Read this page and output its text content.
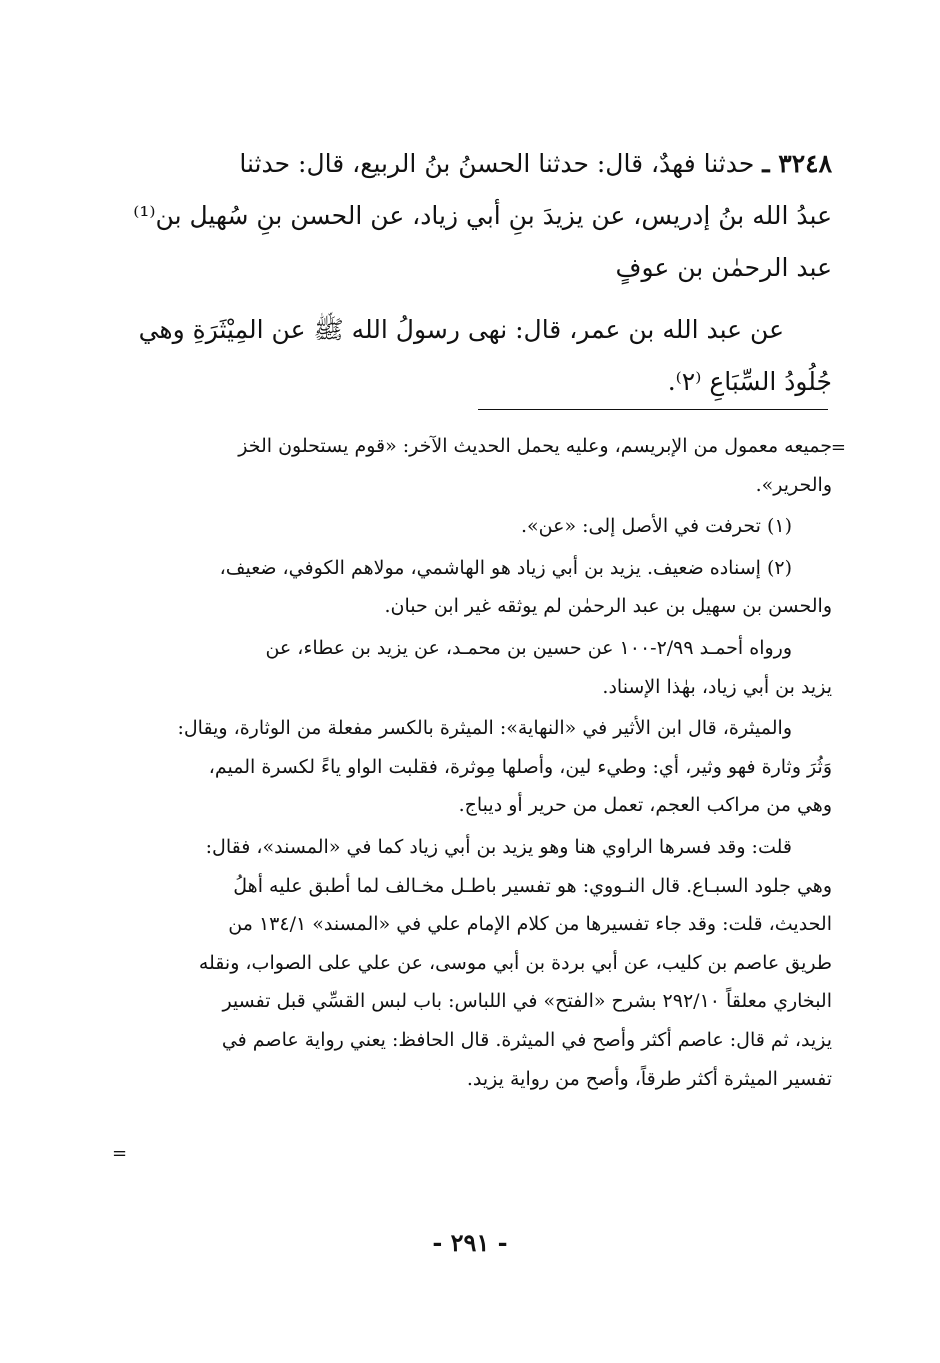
٣٢٤٨ ـ حدثنا فهدٌ، قال: حدثنا الحسنُ بنُ الربيع، قال: حدثنا
عبدُ الله بنُ إدريس، عن يزيدَ بنِ أبي زياد، عن الحسن بنِ سُهيل بن⁽¹⁾
عبد الرحمٰن بن عوفٍ
عن عبد الله بن عمر، قال: نهى رسولُ الله ﷺ عن المِيْثَرَةِ وهي
جُلُودُ السِّبَاعِ ⁽٢⁾.
=
جميعه معمول من الإبريسم، وعليه يحمل الحديث الآخر: «قوم يستحلون الخز
والحرير».
(١) تحرفت في الأصل إلى: «عن».
(٢) إسناده ضعيف. يزيد بن أبي زياد هو الهاشمي، مولاهم الكوفي، ضعيف،
والحسن بن سهيل بن عبد الرحمٰن لم يوثقه غير ابن حبان.
ورواه أحمـد ٢/٩٩-١٠٠ عن حسين بن محمـد، عن يزيد بن عطاء، عن
يزيد بن أبي زياد، بهٰذا الإسناد.
والميثرة، قال ابن الأثير في «النهاية»: الميثرة بالكسر مفعلة من الوثارة، ويقال:
وَثُرَ وثارة فهو وثير، أي: وطيء لين، وأصلها مِوثرة، فقلبت الواو ياءً لكسرة الميم،
وهي من مراكب العجم، تعمل من حرير أو ديباج.
قلت: وقد فسرها الراوي هنا وهو يزيد بن أبي زياد كما في «المسند»، فقال:
وهي جلود السبـاع. قال النـووي: هو تفسير باطـل مخـالف لما أطبق عليه أهلُ
الحديث، قلت: وقد جاء تفسيرها من كلام الإمام علي في «المسند» ١٣٤/١ من
طريق عاصم بن كليب، عن أبي بردة بن أبي موسى، عن علي على الصواب، ونقله
البخاري معلقاً ٢٩٢/١٠ بشرح «الفتح» في اللباس: باب لبس القسِّي قبل تفسير
يزيد، ثم قال: عاصم أكثر وأصح في الميثرة. قال الحافظ: يعني رواية عاصم في
تفسير الميثرة أكثر طرقاً، وأصح من رواية يزيد.
=
- ٢٩١ -
